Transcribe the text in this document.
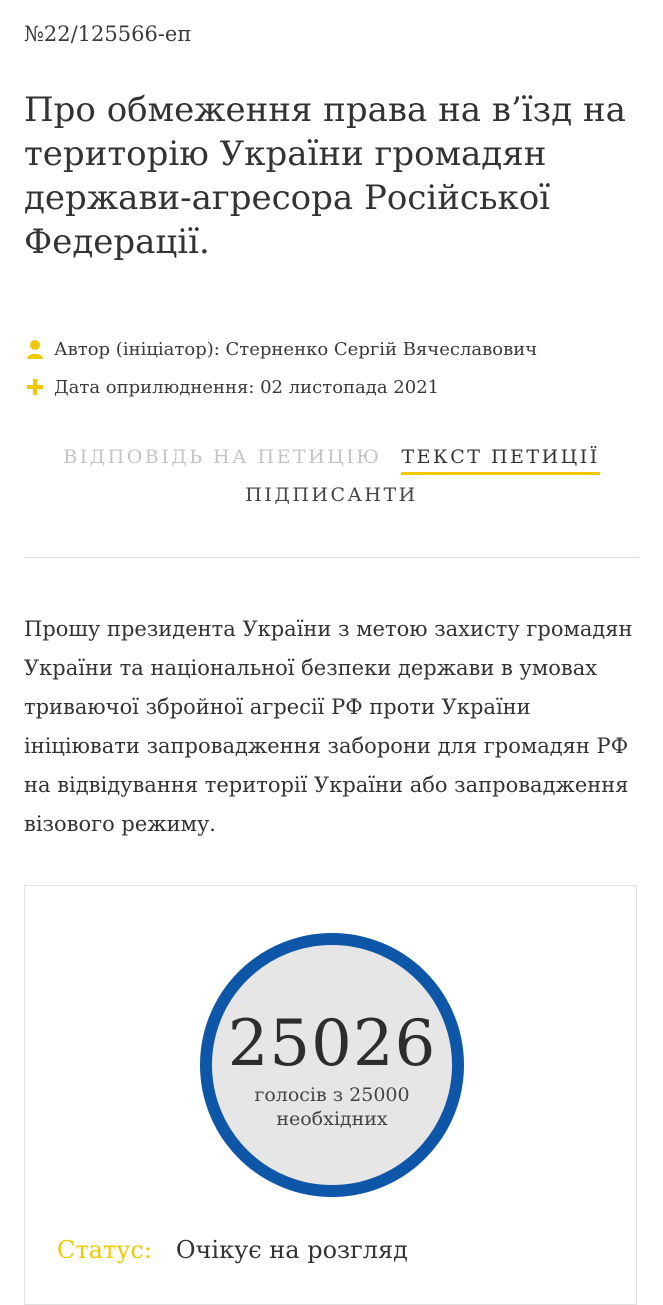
№22/125566-еп
Про обмеження права на в’їзд на територію України громадян держави-агресора Російської Федерації.
Автор (ініціатор): Стерненко Сергій Вячеславович
Дата оприлюднення: 02 листопада 2021
ВІДПОВІДЬ НА ПЕТИЦІЮ ТЕКСТ ПЕТИЦІЇ
ПІДПИСАНТИ

Прошу президента України з метою захисту громадян України та національної безпеки держави в умовах триваючої збройної агресії РФ проти України ініціювати запровадження заборони для громадян РФ на відвідування території України або запровадження візового режиму.

25026
голосів з 25000 необхідних
Статус: Очікує на розгляд
